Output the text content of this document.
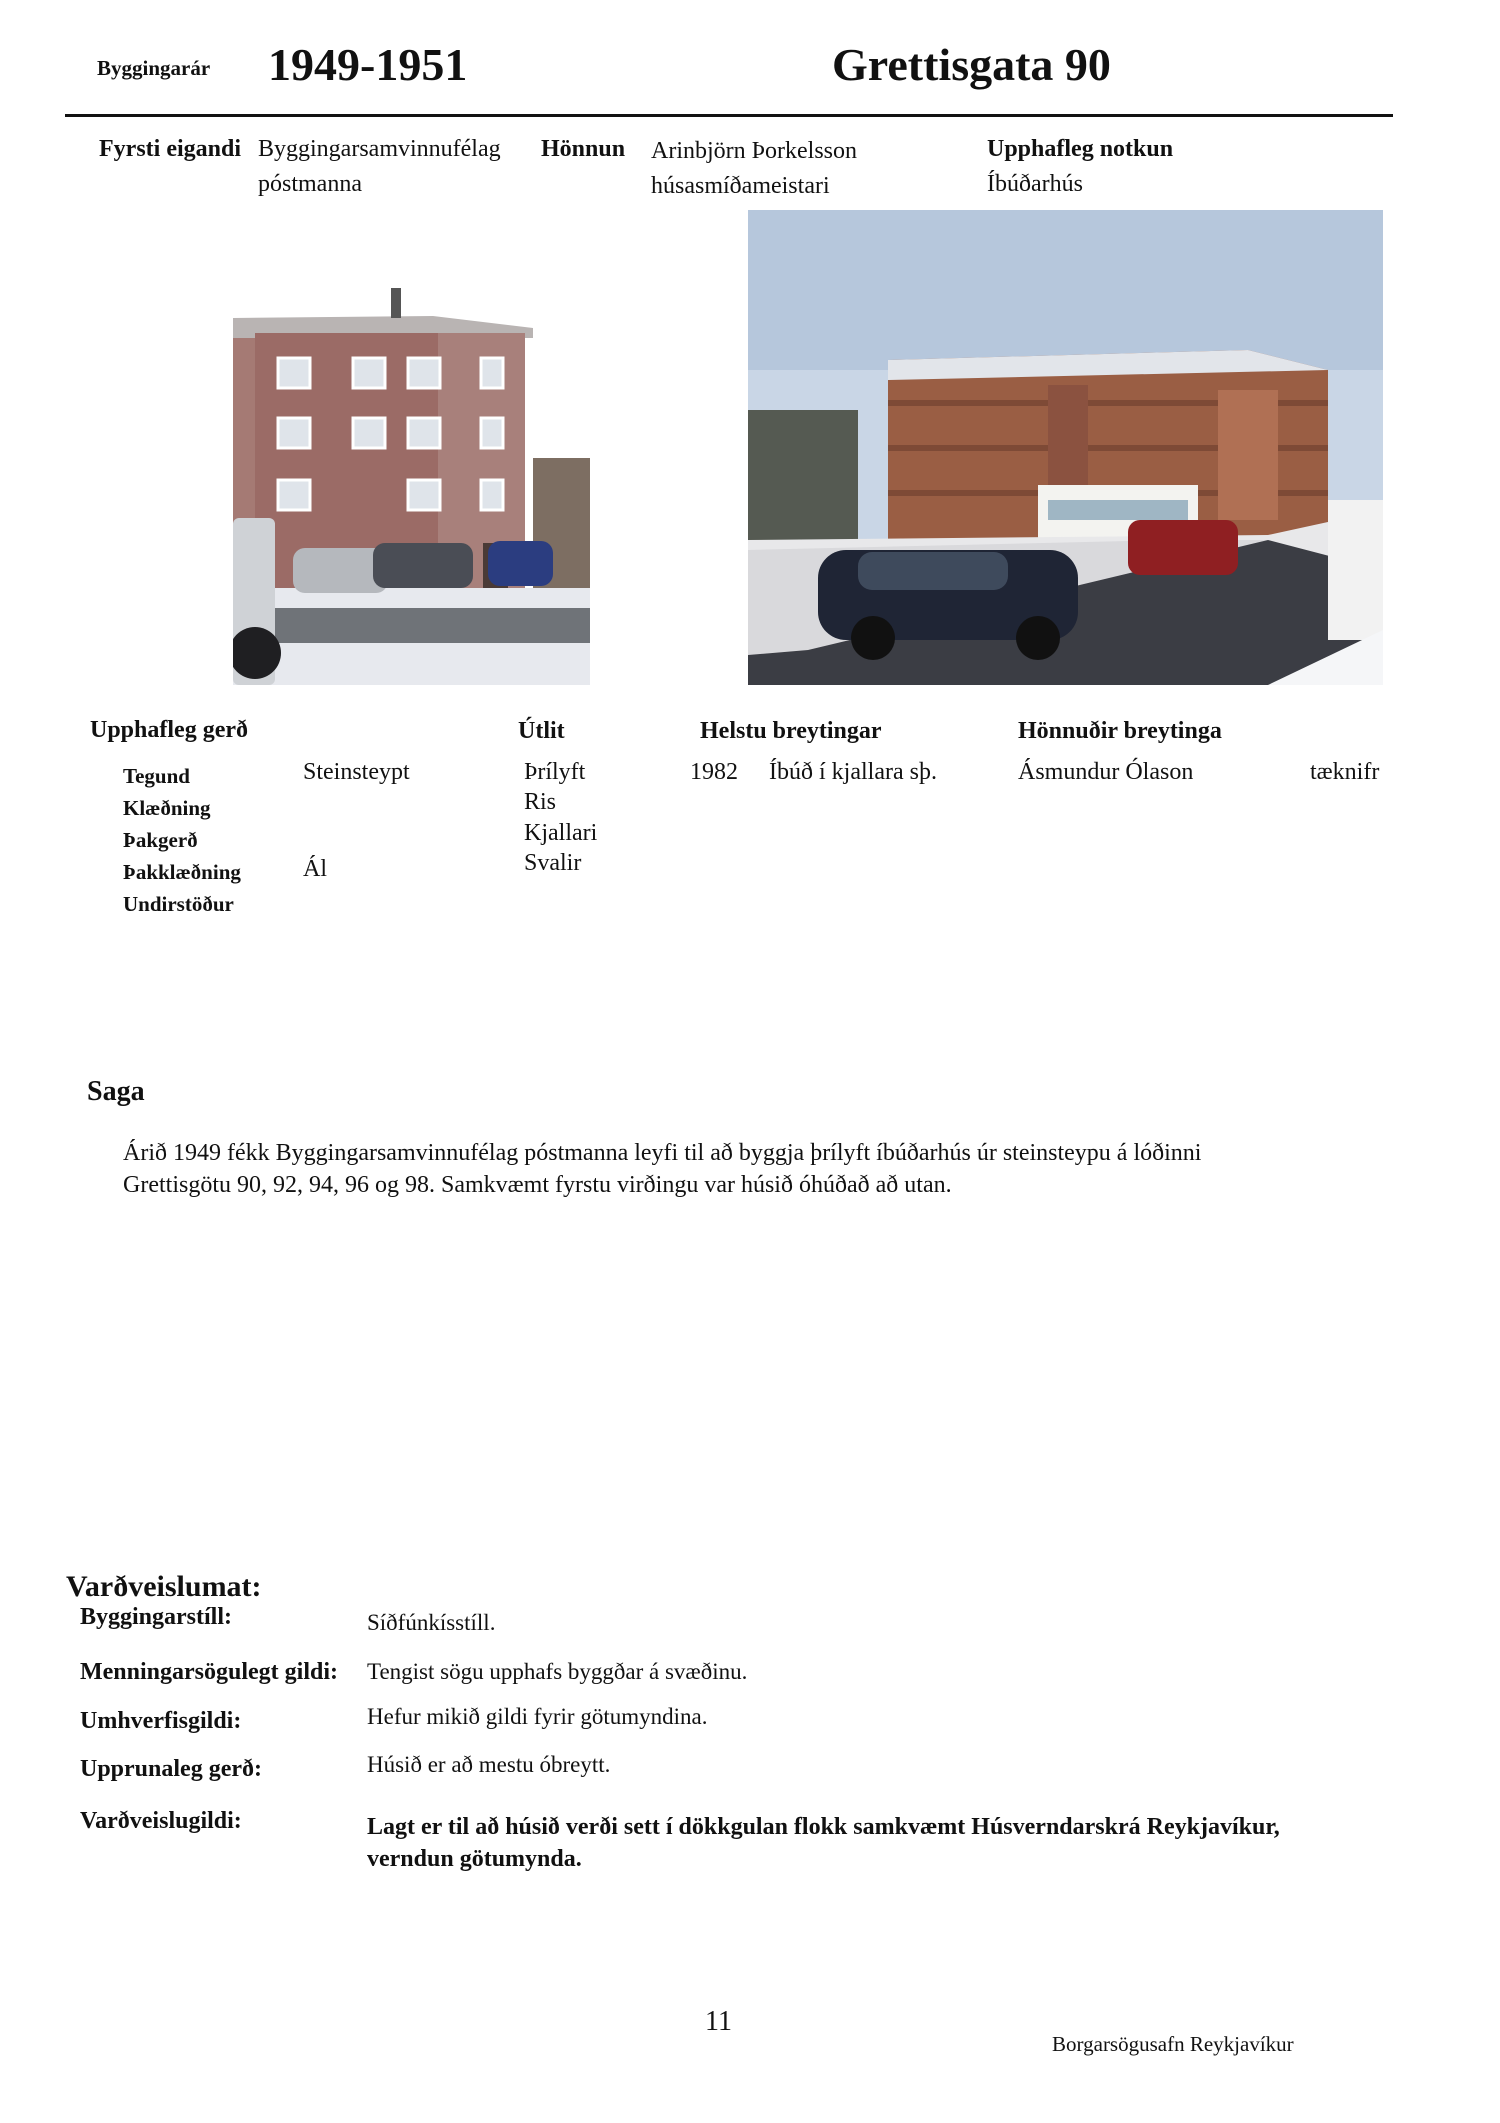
Byggingarár 1949-1951	Grettisgata 90
Fyrsti eigandi Byggingarsamvinnufélag
póstmanna
Hönnun Arinbjörn Þorkelsson
húsasmíðameistari
Upphafleg notkun
Íbúðarhús
Upphafleg gerð
Tegund	Steinsteypt
Klæðning
Þakgerð
Þakklæðning	Ál
Undirstöður
Útlit
Þrílyft
Ris
Kjallari
Svalir
Helstu breytingar
1982 Íbúð í kjallara sþ.
Hönnuðir breytinga
Ásmundur Ólason	tæknifr
Saga
Árið 1949 fékk Byggingarsamvinnufélag póstmanna leyfi til að byggja þrílyft íbúðarhús úr steinsteypu á lóðinni
Grettisgötu 90, 92, 94, 96 og 98. Samkvæmt fyrstu virðingu var húsið óhúðað að utan.
Varðveislumat:
Byggingarstíll:	Síðfúnkísstíll.
Menningarsögulegt gildi: Tengist sögu upphafs byggðar á svæðinu.
Umhverfisgildi:	Hefur mikið gildi fyrir götumyndina.
Upprunaleg gerð:	Húsið er að mestu óbreytt.
Varðveislugildi:	Lagt er til að húsið verði sett í dökkgulan flokk samkvæmt Húsverndarskrá Reykjavíkur,
verndun götumynda.
11
Borgarsögusafn Reykjavíkur
